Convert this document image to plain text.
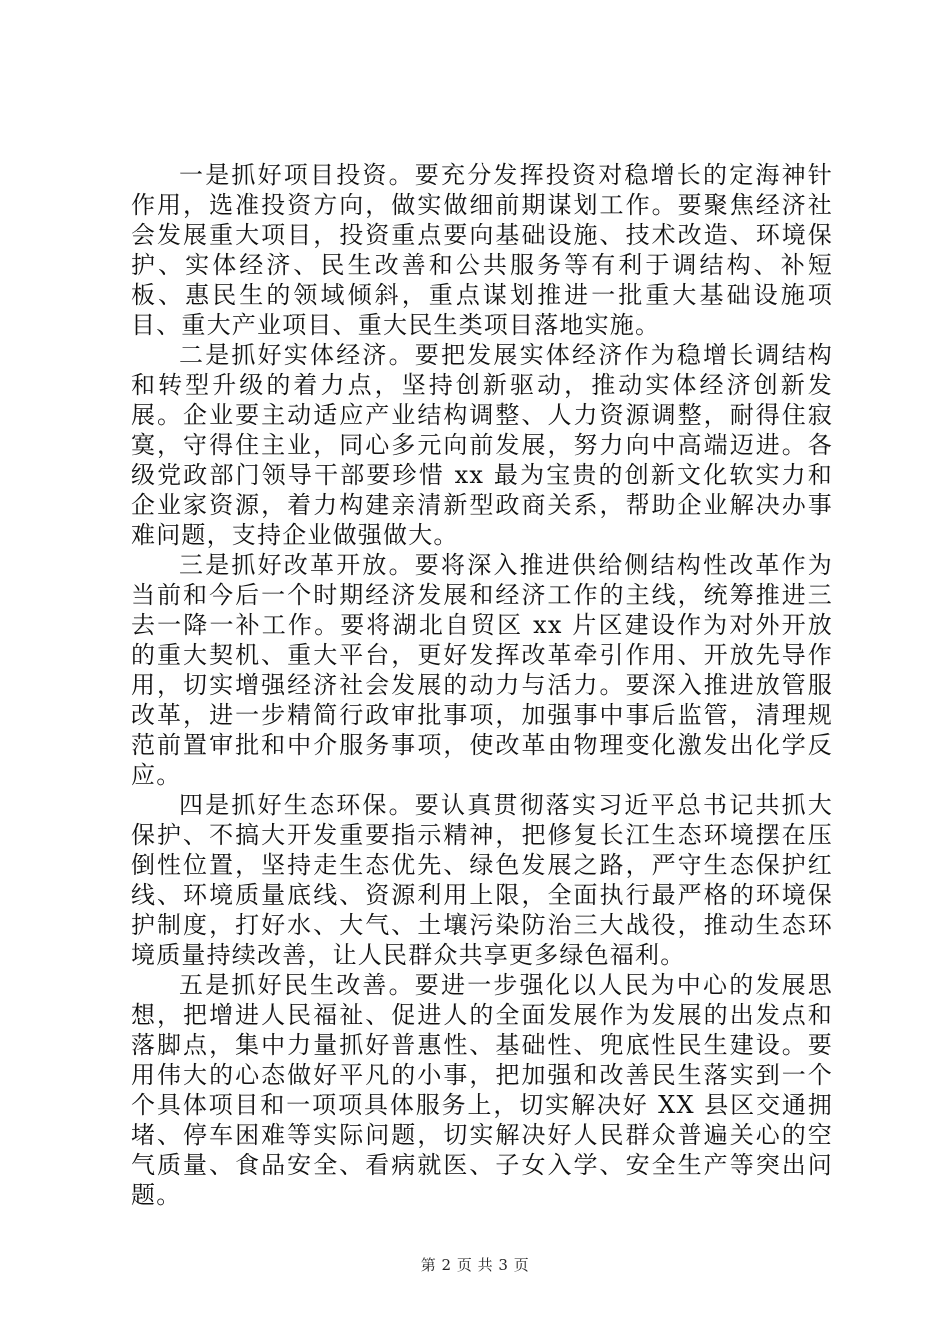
一是抓好项目投资。要充分发挥投资对稳增长的定海神针作用，选准投资方向，做实做细前期谋划工作。要聚焦经济社会发展重大项目，投资重点要向基础设施、技术改造、环境保护、实体经济、民生改善和公共服务等有利于调结构、补短板、惠民生的领域倾斜，重点谋划推进一批重大基础设施项目、重大产业项目、重大民生类项目落地实施。

二是抓好实体经济。要把发展实体经济作为稳增长调结构和转型升级的着力点，坚持创新驱动，推动实体经济创新发展。企业要主动适应产业结构调整、人力资源调整，耐得住寂寞，守得住主业，同心多元向前发展，努力向中高端迈进。各级党政部门领导干部要珍惜 xx 最为宝贵的创新文化软实力和企业家资源，着力构建亲清新型政商关系，帮助企业解决办事难问题，支持企业做强做大。

三是抓好改革开放。要将深入推进供给侧结构性改革作为当前和今后一个时期经济发展和经济工作的主线，统筹推进三去一降一补工作。要将湖北自贸区 xx 片区建设作为对外开放的重大契机、重大平台，更好发挥改革牵引作用、开放先导作用，切实增强经济社会发展的动力与活力。要深入推进放管服改革，进一步精简行政审批事项，加强事中事后监管，清理规范前置审批和中介服务事项，使改革由物理变化激发出化学反应。

四是抓好生态环保。要认真贯彻落实习近平总书记共抓大保护、不搞大开发重要指示精神，把修复长江生态环境摆在压倒性位置，坚持走生态优先、绿色发展之路，严守生态保护红线、环境质量底线、资源利用上限，全面执行最严格的环境保护制度，打好水、大气、土壤污染防治三大战役，推动生态环境质量持续改善，让人民群众共享更多绿色福利。

五是抓好民生改善。要进一步强化以人民为中心的发展思想，把增进人民福祉、促进人的全面发展作为发展的出发点和落脚点，集中力量抓好普惠性、基础性、兜底性民生建设。要用伟大的心态做好平凡的小事，把加强和改善民生落实到一个个具体项目和一项项具体服务上，切实解决好 XX 县区交通拥堵、停车困难等实际问题，切实解决好人民群众普遍关心的空气质量、食品安全、看病就医、子女入学、安全生产等突出问题。

第 2 页 共 3 页
